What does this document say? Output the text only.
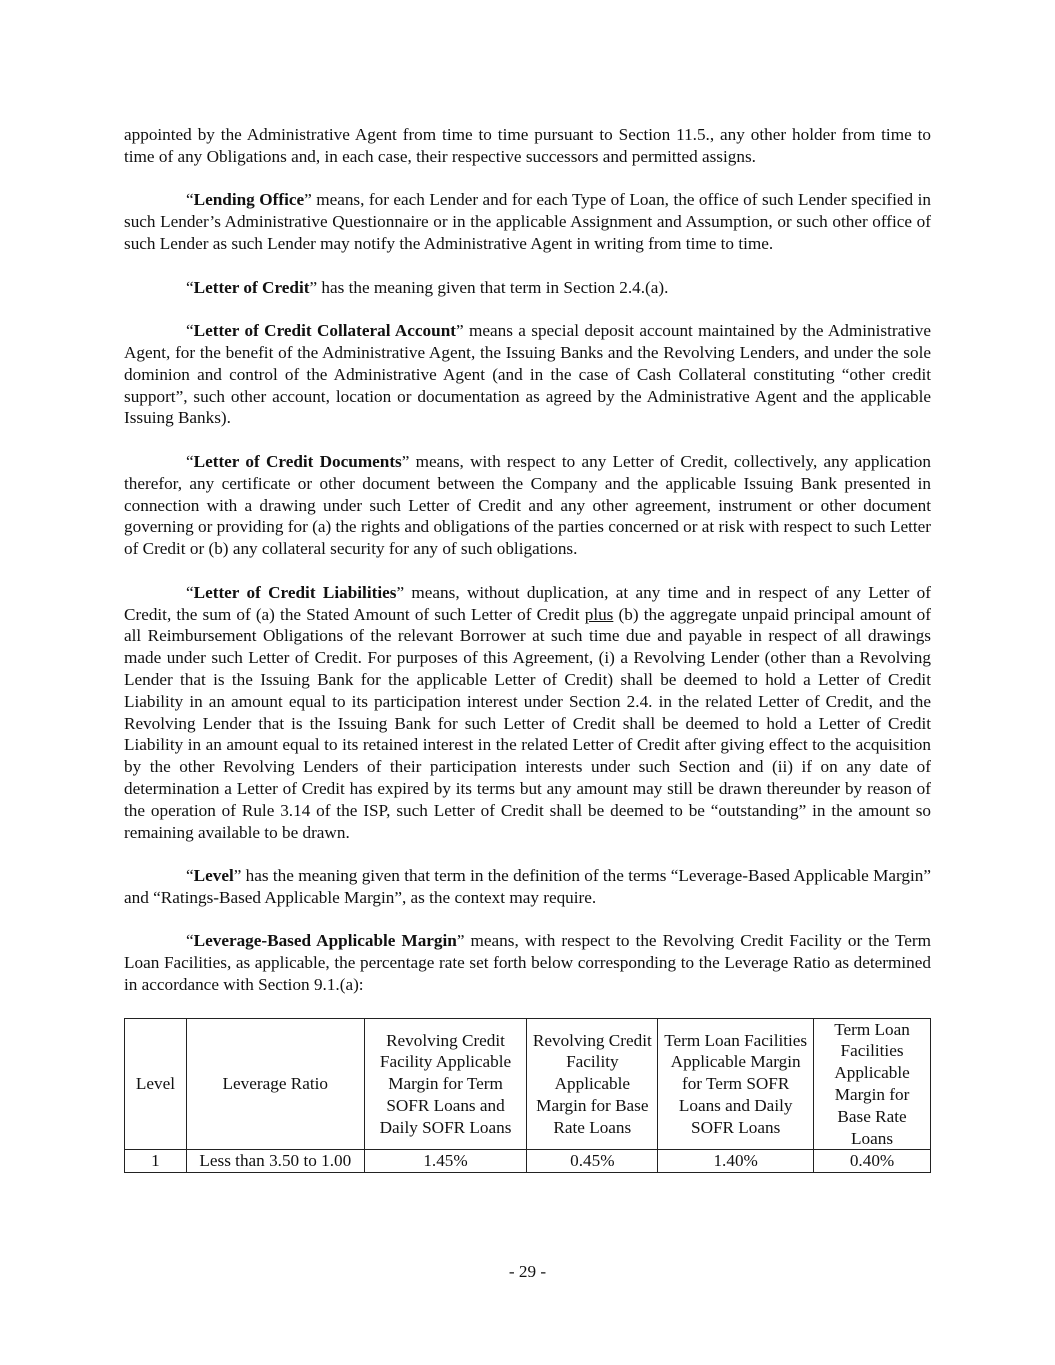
appointed by the Administrative Agent from time to time pursuant to Section 11.5., any other holder from time to time of any Obligations and, in each case, their respective successors and permitted assigns.

“Lending Office” means, for each Lender and for each Type of Loan, the office of such Lender specified in such Lender’s Administrative Questionnaire or in the applicable Assignment and Assumption, or such other office of such Lender as such Lender may notify the Administrative Agent in writing from time to time.

“Letter of Credit” has the meaning given that term in Section 2.4.(a).

“Letter of Credit Collateral Account” means a special deposit account maintained by the Administrative Agent, for the benefit of the Administrative Agent, the Issuing Banks and the Revolving Lenders, and under the sole dominion and control of the Administrative Agent (and in the case of Cash Collateral constituting “other credit support”, such other account, location or documentation as agreed by the Administrative Agent and the applicable Issuing Banks).

“Letter of Credit Documents” means, with respect to any Letter of Credit, collectively, any application therefor, any certificate or other document between the Company and the applicable Issuing Bank presented in connection with a drawing under such Letter of Credit and any other agreement, instrument or other document governing or providing for (a) the rights and obligations of the parties concerned or at risk with respect to such Letter of Credit or (b) any collateral security for any of such obligations.

“Letter of Credit Liabilities” means, without duplication, at any time and in respect of any Letter of Credit, the sum of (a) the Stated Amount of such Letter of Credit plus (b) the aggregate unpaid principal amount of all Reimbursement Obligations of the relevant Borrower at such time due and payable in respect of all drawings made under such Letter of Credit. For purposes of this Agreement, (i) a Revolving Lender (other than a Revolving Lender that is the Issuing Bank for the applicable Letter of Credit) shall be deemed to hold a Letter of Credit Liability in an amount equal to its participation interest under Section 2.4. in the related Letter of Credit, and the Revolving Lender that is the Issuing Bank for such Letter of Credit shall be deemed to hold a Letter of Credit Liability in an amount equal to its retained interest in the related Letter of Credit after giving effect to the acquisition by the other Revolving Lenders of their participation interests under such Section and (ii) if on any date of determination a Letter of Credit has expired by its terms but any amount may still be drawn thereunder by reason of the operation of Rule 3.14 of the ISP, such Letter of Credit shall be deemed to be “outstanding” in the amount so remaining available to be drawn.

“Level” has the meaning given that term in the definition of the terms “Leverage-Based Applicable Margin” and “Ratings-Based Applicable Margin”, as the context may require.

“Leverage-Based Applicable Margin” means, with respect to the Revolving Credit Facility or the Term Loan Facilities, as applicable, the percentage rate set forth below corresponding to the Leverage Ratio as determined in accordance with Section 9.1.(a):

Level	Leverage Ratio	Revolving Credit Facility Applicable Margin for Term SOFR Loans and Daily SOFR Loans	Revolving Credit Facility Applicable Margin for Base Rate Loans	Term Loan Facilities Applicable Margin for Term SOFR Loans and Daily SOFR Loans	Term Loan Facilities Applicable Margin for Base Rate Loans
1	Less than 3.50 to 1.00	1.45%	0.45%	1.40%	0.40%
- 29 -
